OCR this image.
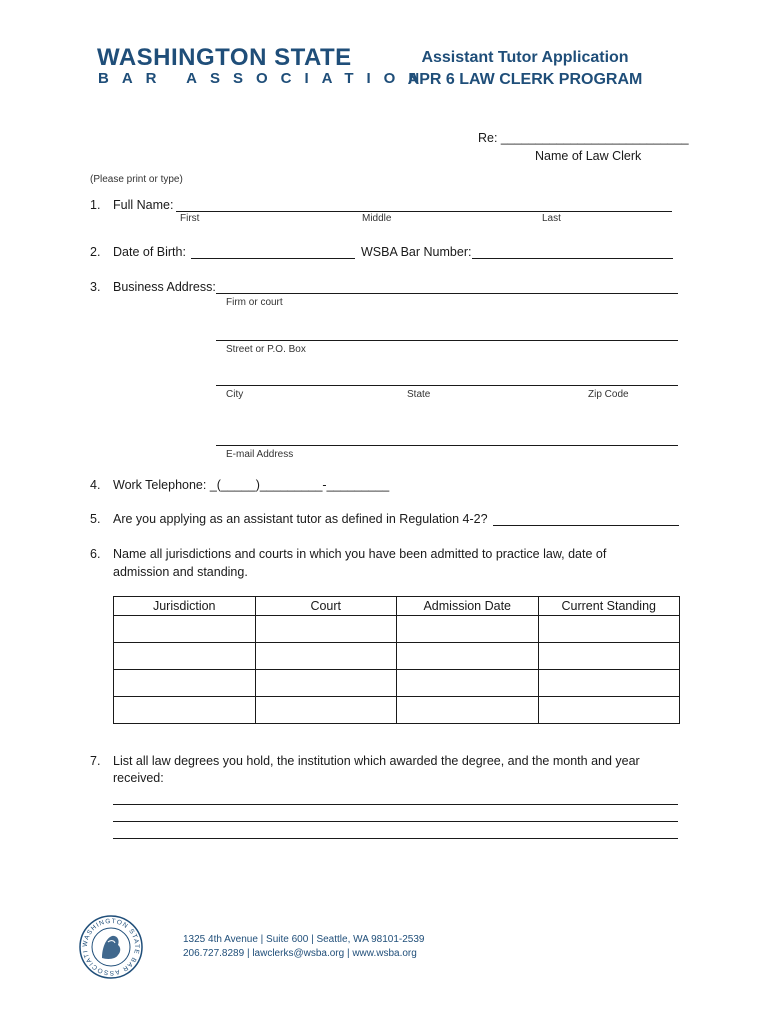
WASHINGTON STATE
BAR ASSOCIATION
Assistant Tutor Application
APR 6 LAW CLERK PROGRAM
Re: ___________________________
Name of Law Clerk
(Please print or type)
1. Full Name:
First	Middle	Last
2. Date of Birth:	WSBA Bar Number:
3. Business Address:
Firm or court
Street or P.O. Box
City	State	Zip Code
E-mail Address
4. Work Telephone: _(_____)_________-_________
5. Are you applying as an assistant tutor as defined in Regulation 4-2?
6. Name all jurisdictions and courts in which you have been admitted to practice law, date of
admission and standing.
Jurisdiction	Court	Admission Date	Current Standing

7. List all law degrees you hold, the institution which awarded the degree, and the month and year
received:
WASHINGTON STATE BAR ASSOCIATI
1325 4th Avenue | Suite 600 | Seattle, WA 98101-2539
206.727.8289 | lawclerks@wsba.org | www.wsba.org
